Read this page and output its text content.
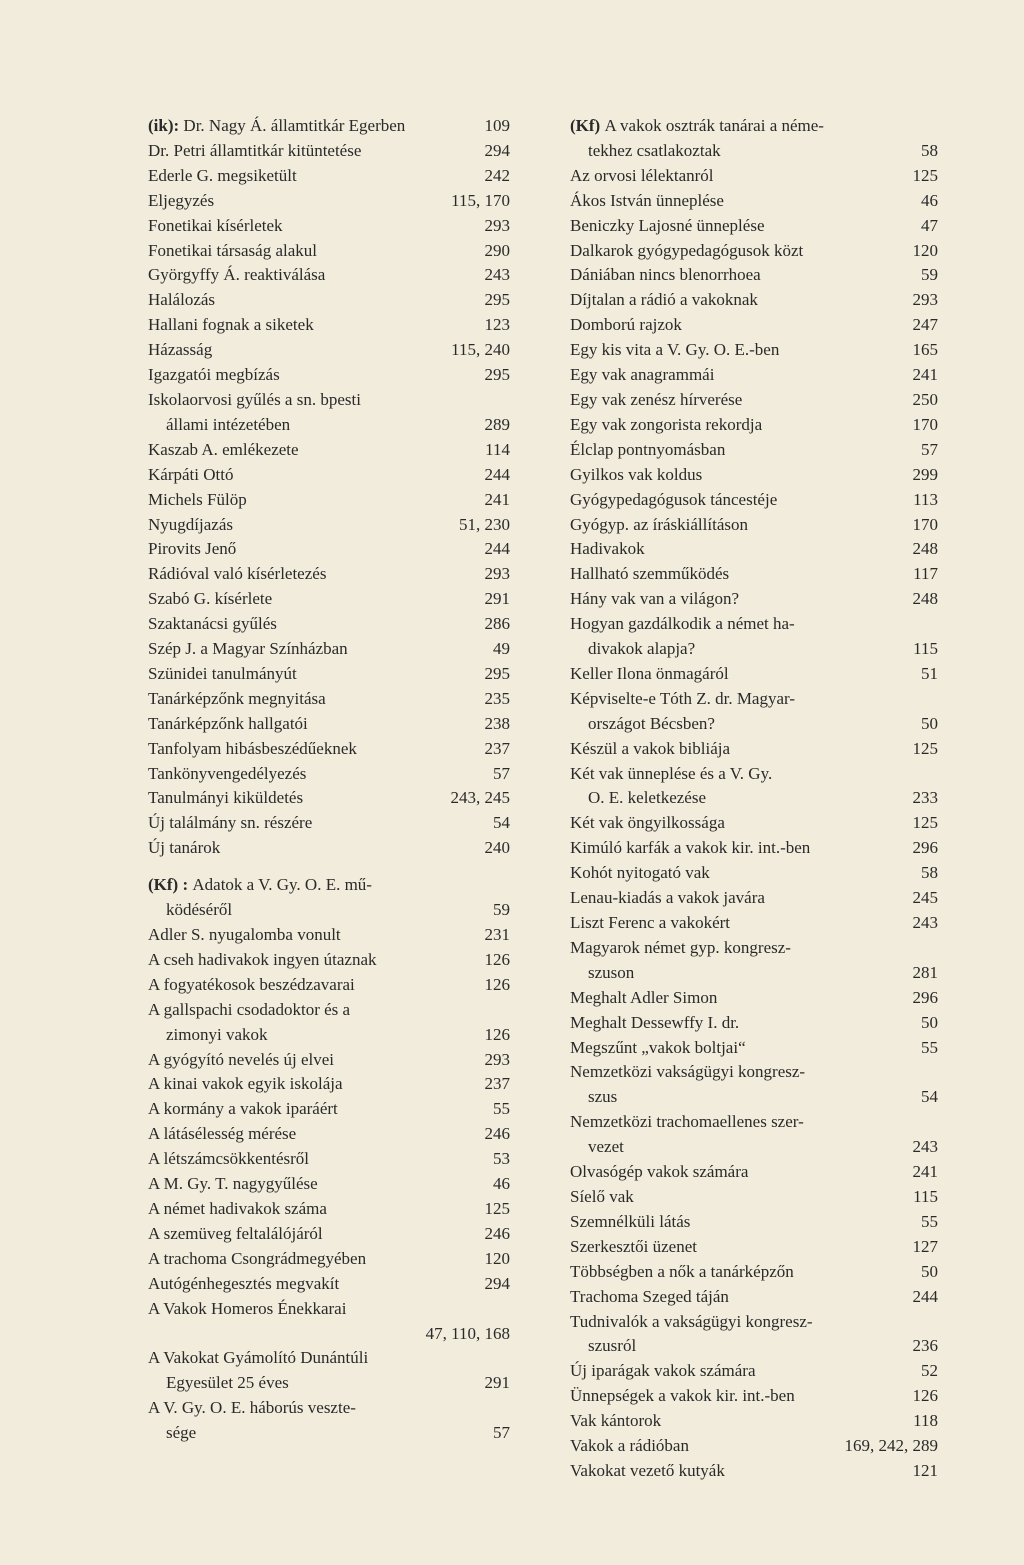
(ik): Dr. Nagy Á. államtitkár Egerben	109
Dr. Petri államtitkár kitüntetése	294
Ederle G. megsiketült	242
Eljegyzés	115, 170
Fonetikai kísérletek	293
Fonetikai társaság alakul	290
Györgyffy Á. reaktiválása	243
Halálozás	295
Hallani fognak a siketek	123
Házasság	115, 240
Igazgatói megbízás	295
Iskolaorvosi gyűlés a sn. bpesti
állami intézetében	289
Kaszab A. emlékezete	114
Kárpáti Ottó	244
Michels Fülöp	241
Nyugdíjazás	51, 230
Pirovits Jenő	244
Rádióval való kísérletezés	293
Szabó G. kísérlete	291
Szaktanácsi gyűlés	286
Szép J. a Magyar Színházban	49
Szünidei tanulmányút	295
Tanárképzőnk megnyitása	235
Tanárképzőnk hallgatói	238
Tanfolyam hibásbeszédűeknek	237
Tankönyvengedélyezés	57
Tanulmányi kiküldetés	243, 245
Új találmány sn. részére	54
Új tanárok	240
(Kf) : Adatok a V. Gy. O. E. mű-
ködéséről	59
Adler S. nyugalomba vonult	231
A cseh hadivakok ingyen útaznak	126
A fogyatékosok beszédzavarai	126
A gallspachi csodadoktor és a
zimonyi vakok	126
A gyógyító nevelés új elvei	293
A kinai vakok egyik iskolája	237
A kormány a vakok iparáért	55
A látásélesség mérése	246
A létszámcsökkentésről	53
A M. Gy. T. nagygyűlése	46
A német hadivakok száma	125
A szemüveg feltalálójáról	246
A trachoma Csongrádmegyében	120
Autógénhegesztés megvakít	294
A Vakok Homeros Énekkarai
47, 110, 168
A Vakokat Gyámolító Dunántúli
Egyesület 25 éves	291
A V. Gy. O. E. háborús veszte-
sége	57
(Kf) A vakok osztrák tanárai a néme-
tekhez csatlakoztak	58
Az orvosi lélektanról	125
Ákos István ünneplése	46
Beniczky Lajosné ünneplése	47
Dalkarok gyógypedagógusok közt	120
Dániában nincs blenorrhoea	59
Díjtalan a rádió a vakoknak	293
Domború rajzok	247
Egy kis vita a V. Gy. O. E.-ben	165
Egy vak anagrammái	241
Egy vak zenész hírverése	250
Egy vak zongorista rekordja	170
Élclap pontnyomásban	57
Gyilkos vak koldus	299
Gyógypedagógusok táncestéje	113
Gyógyp. az íráskiállításon	170
Hadivakok	248
Hallható szemműködés	117
Hány vak van a világon?	248
Hogyan gazdálkodik a német ha-
divakok alapja?	115
Keller Ilona önmagáról	51
Képviselte-e Tóth Z. dr. Magyar-
országot Bécsben?	50
Készül a vakok bibliája	125
Két vak ünneplése és a V. Gy.
O. E. keletkezése	233
Két vak öngyilkossága	125
Kimúló karfák a vakok kir. int.-ben	296
Kohót nyitogató vak	58
Lenau-kiadás a vakok javára	245
Liszt Ferenc a vakokért	243
Magyarok német gyp. kongresz-
szuson	281
Meghalt Adler Simon	296
Meghalt Dessewffy I. dr.	50
Megszűnt „vakok boltjai“	55
Nemzetközi vakságügyi kongresz-
szus	54
Nemzetközi trachomaellenes szer-
vezet	243
Olvasógép vakok számára	241
Síelő vak	115
Szemnélküli látás	55
Szerkesztői üzenet	127
Többségben a nők a tanárképzőn	50
Trachoma Szeged táján	244
Tudnivalók a vakságügyi kongresz-
szusról	236
Új iparágak vakok számára	52
Ünnepségek a vakok kir. int.-ben	126
Vak kántorok	118
Vakok a rádióban	169, 242, 289
Vakokat vezető kutyák	121
